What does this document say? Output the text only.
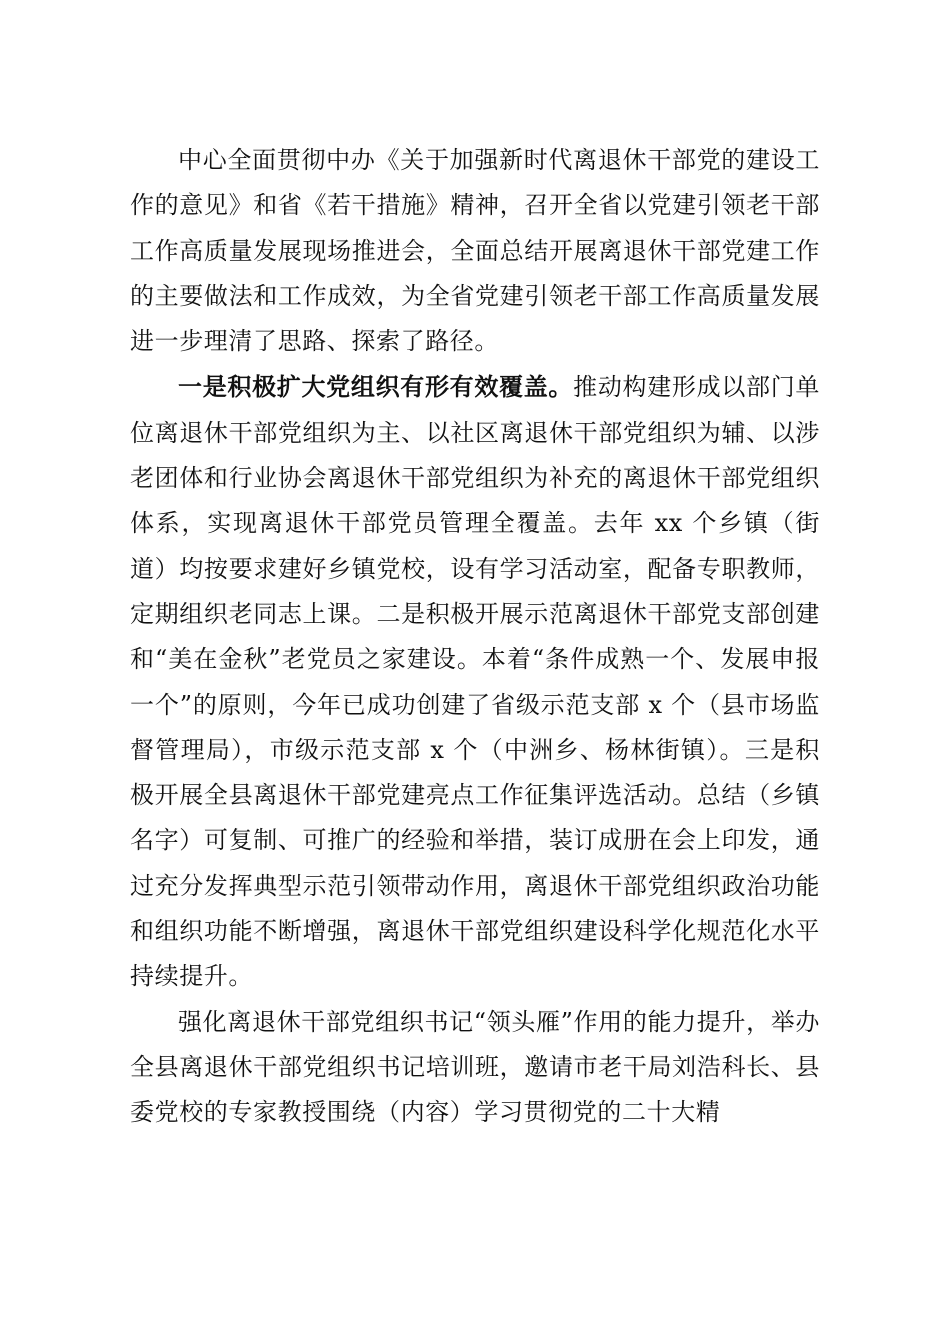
中心全面贯彻中办《关于加强新时代离退休干部党的建设工作的意见》和省《若干措施》精神，召开全省以党建引领老干部工作高质量发展现场推进会，全面总结开展离退休干部党建工作的主要做法和工作成效，为全省党建引领老干部工作高质量发展进一步理清了思路、探索了路径。

一是积极扩大党组织有形有效覆盖。推动构建形成以部门单位离退休干部党组织为主、以社区离退休干部党组织为辅、以涉老团体和行业协会离退休干部党组织为补充的离退休干部党组织体系，实现离退休干部党员管理全覆盖。去年 xx 个乡镇（街道）均按要求建好乡镇党校，设有学习活动室，配备专职教师，定期组织老同志上课。二是积极开展示范离退休干部党支部创建和“美在金秋”老党员之家建设。本着“条件成熟一个、发展申报一个”的原则，今年已成功创建了省级示范支部 x 个（县市场监督管理局），市级示范支部 x 个（中洲乡、杨林街镇）。三是积极开展全县离退休干部党建亮点工作征集评选活动。总结（乡镇名字）可复制、可推广的经验和举措，装订成册在会上印发，通过充分发挥典型示范引领带动作用，离退休干部党组织政治功能和组织功能不断增强，离退休干部党组织建设科学化规范化水平持续提升。

强化离退休干部党组织书记“领头雁”作用的能力提升，举办全县离退休干部党组织书记培训班，邀请市老干局刘浩科长、县委党校的专家教授围绕（内容）学习贯彻党的二十大精
